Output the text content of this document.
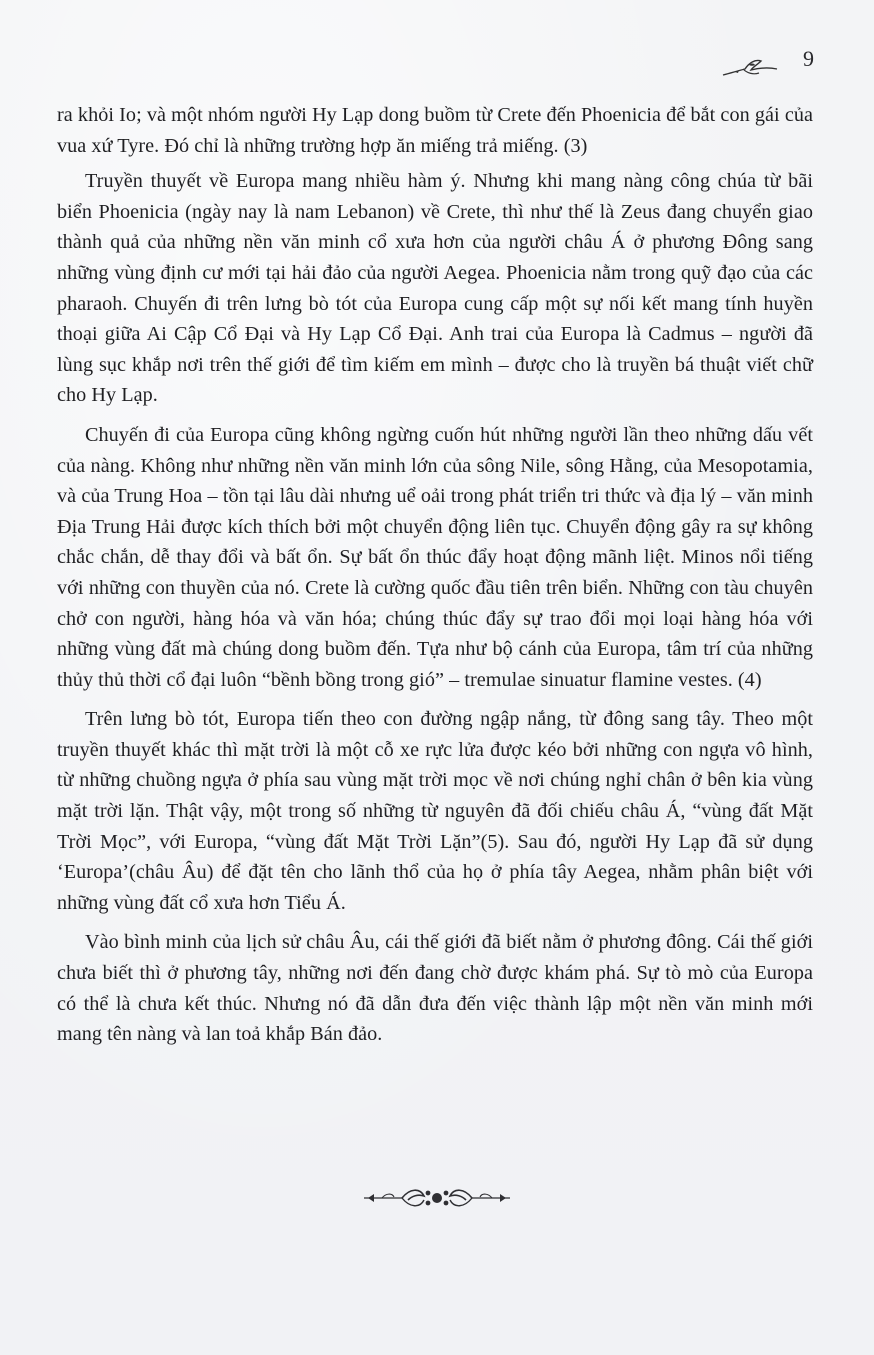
9

ra khỏi Io; và một nhóm người Hy Lạp dong buồm từ Crete đến Phoenicia để bắt con gái của vua xứ Tyre. Đó chỉ là những trường hợp ăn miếng trả miếng. (3)

Truyền thuyết về Europa mang nhiều hàm ý. Nhưng khi mang nàng công chúa từ bãi biển Phoenicia (ngày nay là nam Lebanon) về Crete, thì như thế là Zeus đang chuyển giao thành quả của những nền văn minh cổ xưa hơn của người châu Á ở phương Đông sang những vùng định cư mới tại hải đảo của người Aegea. Phoenicia nằm trong quỹ đạo của các pharaoh. Chuyến đi trên lưng bò tót của Europa cung cấp một sự nối kết mang tính huyền thoại giữa Ai Cập Cổ Đại và Hy Lạp Cổ Đại. Anh trai của Europa là Cadmus – người đã lùng sục khắp nơi trên thế giới để tìm kiếm em mình – được cho là truyền bá thuật viết chữ cho Hy Lạp.

Chuyến đi của Europa cũng không ngừng cuốn hút những người lần theo những dấu vết của nàng. Không như những nền văn minh lớn của sông Nile, sông Hằng, của Mesopotamia, và của Trung Hoa – tồn tại lâu dài nhưng uể oải trong phát triển tri thức và địa lý – văn minh Địa Trung Hải được kích thích bởi một chuyển động liên tục. Chuyển động gây ra sự không chắc chắn, dễ thay đổi và bất ổn. Sự bất ổn thúc đẩy hoạt động mãnh liệt. Minos nổi tiếng với những con thuyền của nó. Crete là cường quốc đầu tiên trên biển. Những con tàu chuyên chở con người, hàng hóa và văn hóa; chúng thúc đẩy sự trao đổi mọi loại hàng hóa với những vùng đất mà chúng dong buồm đến. Tựa như bộ cánh của Europa, tâm trí của những thủy thủ thời cổ đại luôn “bềnh bồng trong gió” – tremulae sinuatur flamine vestes. (4)

Trên lưng bò tót, Europa tiến theo con đường ngập nắng, từ đông sang tây. Theo một truyền thuyết khác thì mặt trời là một cỗ xe rực lửa được kéo bởi những con ngựa vô hình, từ những chuồng ngựa ở phía sau vùng mặt trời mọc về nơi chúng nghỉ chân ở bên kia vùng mặt trời lặn. Thật vậy, một trong số những từ nguyên đã đối chiếu châu Á, “vùng đất Mặt Trời Mọc”, với Europa, “vùng đất Mặt Trời Lặn”(5). Sau đó, người Hy Lạp đã sử dụng ‘Europa’(châu Âu) để đặt tên cho lãnh thổ của họ ở phía tây Aegea, nhằm phân biệt với những vùng đất cổ xưa hơn Tiểu Á.

Vào bình minh của lịch sử châu Âu, cái thế giới đã biết nằm ở phương đông. Cái thế giới chưa biết thì ở phương tây, những nơi đến đang chờ được khám phá. Sự tò mò của Europa có thể là chưa kết thúc. Nhưng nó đã dẫn đưa đến việc thành lập một nền văn minh mới mang tên nàng và lan toả khắp Bán đảo.
